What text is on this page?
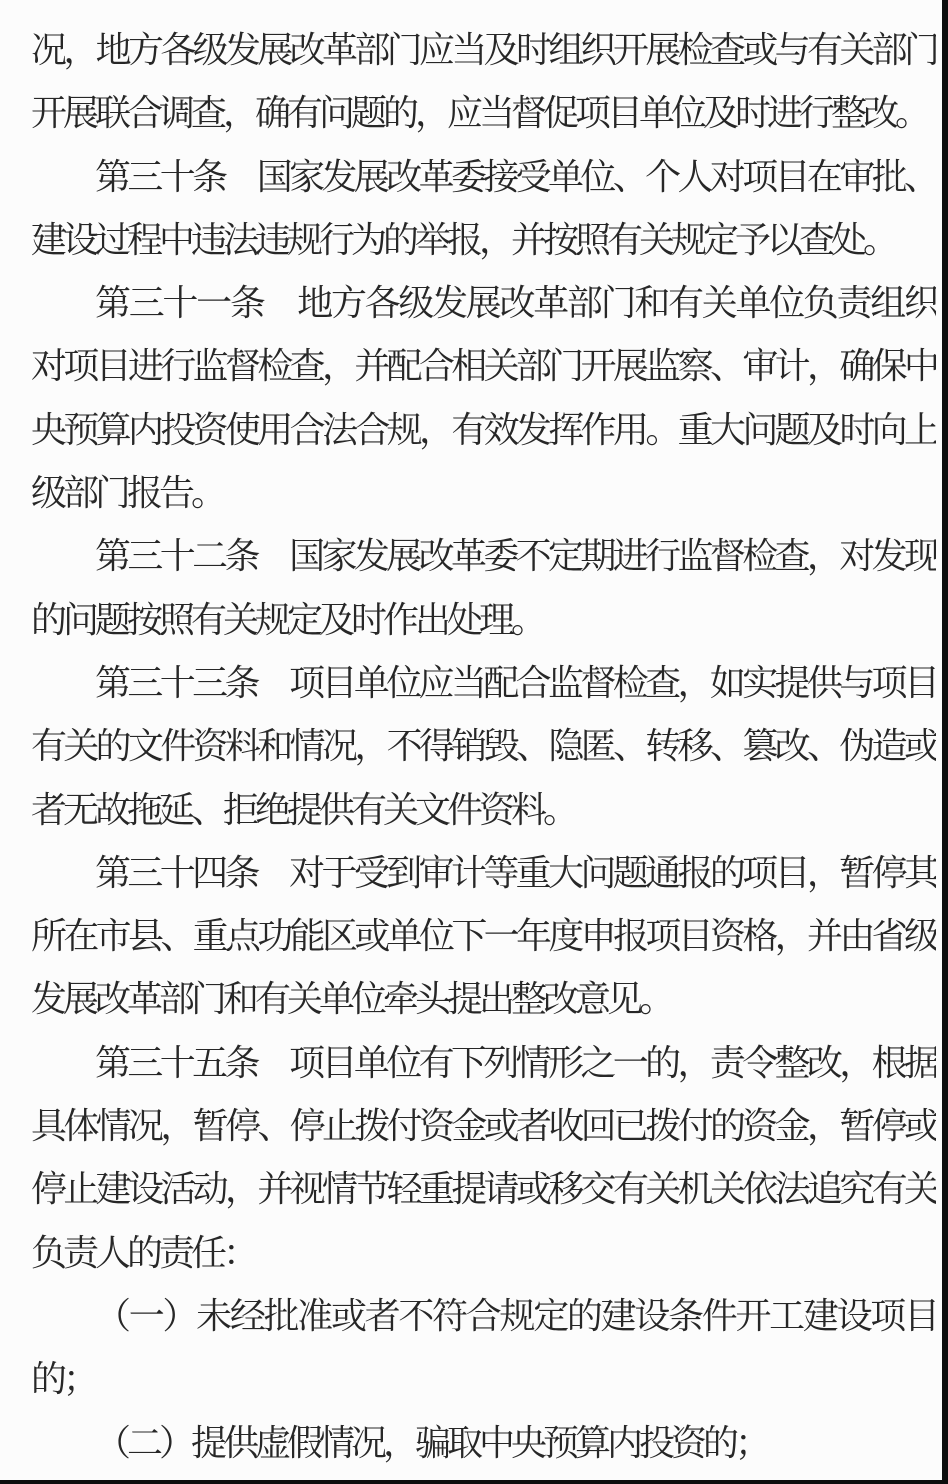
况，地方各级发展改革部门应当及时组织开展检查或与有关部门
开展联合调查，确有问题的，应当督促项目单位及时进行整改。
第三十条　国家发展改革委接受单位、个人对项目在审批、
建设过程中违法违规行为的举报，并按照有关规定予以查处。
第三十一条　地方各级发展改革部门和有关单位负责组织
对项目进行监督检查，并配合相关部门开展监察、审计，确保中
央预算内投资使用合法合规，有效发挥作用。重大问题及时向上
级部门报告。
第三十二条　国家发展改革委不定期进行监督检查，对发现
的问题按照有关规定及时作出处理。
第三十三条　项目单位应当配合监督检查，如实提供与项目
有关的文件资料和情况，不得销毁、隐匿、转移、篡改、伪造或
者无故拖延、拒绝提供有关文件资料。
第三十四条　对于受到审计等重大问题通报的项目，暂停其
所在市县、重点功能区或单位下一年度申报项目资格，并由省级
发展改革部门和有关单位牵头提出整改意见。
第三十五条　项目单位有下列情形之一的，责令整改，根据
具体情况，暂停、停止拨付资金或者收回已拨付的资金，暂停或
停止建设活动，并视情节轻重提请或移交有关机关依法追究有关
负责人的责任：
（一）未经批准或者不符合规定的建设条件开工建设项目
的；
（二）提供虚假情况，骗取中央预算内投资的；
